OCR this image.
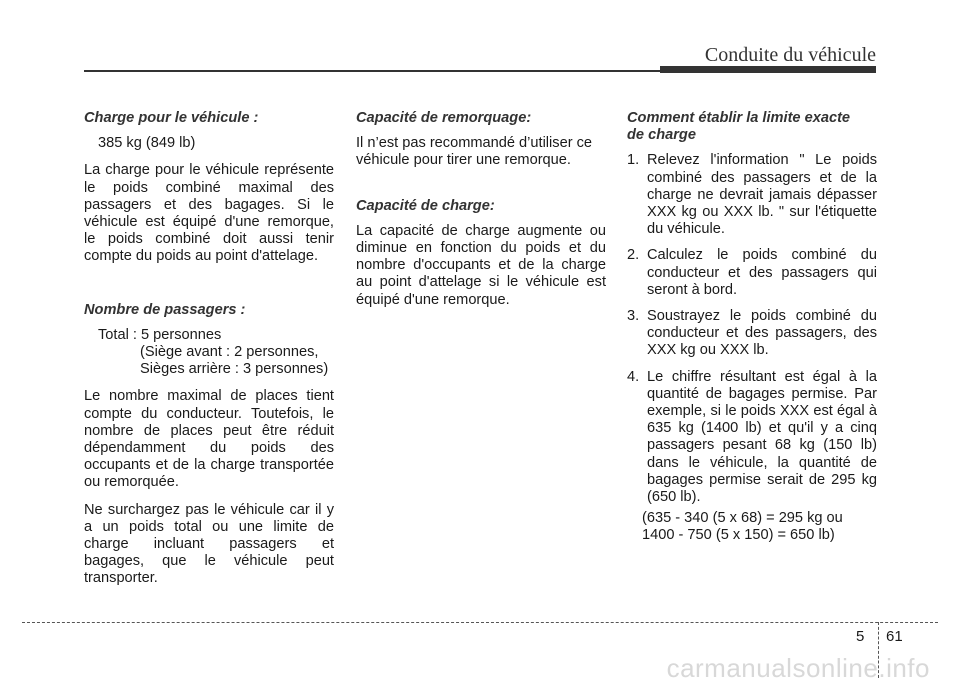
Conduite du véhicule
Charge pour le véhicule :
385 kg (849 lb)
La charge pour le véhicule représente le poids combiné maximal des passagers et des bagages. Si le véhicule est équipé d'une remorque, le poids combiné doit aussi tenir compte du poids au point d'attelage.
Nombre de passagers :
Total : 5 personnes
(Siège avant : 2 personnes,
Sièges arrière : 3 personnes)
Le nombre maximal de places tient compte du conducteur. Toutefois, le nombre de places peut être réduit dépendamment du poids des occupants et de la charge transportée ou remorquée.
Ne surchargez pas le véhicule car il y a un poids total ou une limite de charge incluant passagers et bagages, que le véhicule peut transporter.
Capacité de remorquage:
Il n’est pas recommandé d’utiliser ce véhicule pour tirer une remorque.
Capacité de charge:
La capacité de charge augmente ou diminue en fonction du poids et du nombre d'occupants et de la charge au point d'attelage si le véhicule est équipé d'une remorque.
Comment établir la limite exacte
de charge
1. Relevez l'information " Le poids combiné des passagers et de la charge ne devrait jamais dépasser XXX kg ou XXX lb. " sur l'étiquette du véhicule.
2. Calculez le poids combiné du conducteur et des passagers qui seront à bord.
3. Soustrayez le poids combiné du conducteur et des passagers, des XXX kg ou XXX lb.
4. Le chiffre résultant est égal à la quantité de bagages permise. Par exemple, si le poids XXX est égal à 635 kg (1400 lb) et qu'il y a cinq passagers pesant 68 kg (150 lb) dans le véhicule, la quantité de bagages permise serait de 295 kg (650 lb).
(635 - 340 (5 x 68) = 295 kg ou
1400 - 750 (5 x 150) = 650 lb)
5 61
carmanualsonline.info
